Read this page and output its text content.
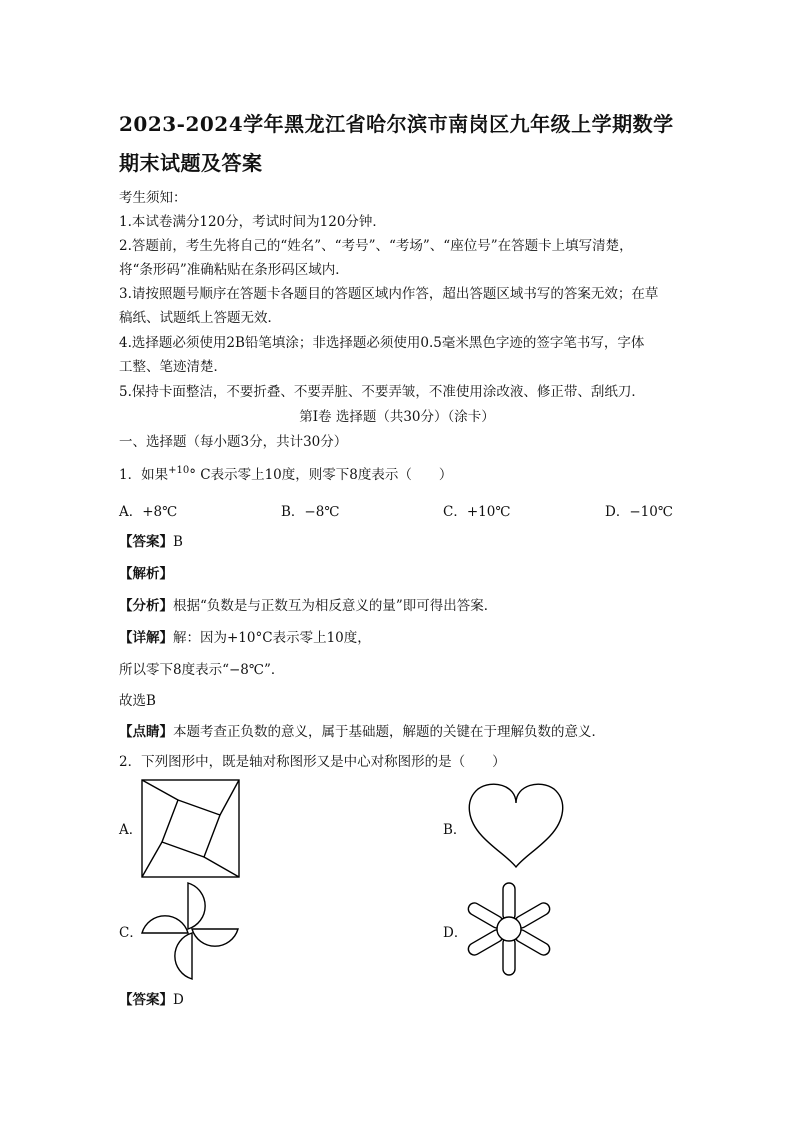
2023-2024学年黑龙江省哈尔滨市南岗区九年级上学期数学
期末试题及答案
考生须知：
1.本试卷满分120分，考试时间为120分钟．
2.答题前，考生先将自己的“姓名”、“考号”、“考场”、“座位号”在答题卡上填写清楚，
将“条形码”准确粘贴在条形码区域内．
3.请按照题号顺序在答题卡各题目的答题区域内作答，超出答题区域书写的答案无效；在草
稿纸、试题纸上答题无效．
4.选择题必须使用2B铅笔填涂；非选择题必须使用0.5毫米黑色字迹的签字笔书写，字体
工整、笔迹清楚．
5.保持卡面整洁，不要折叠、不要弄脏、不要弄皱，不准使用涂改液、修正带、刮纸刀．
第Ⅰ卷 选择题（共30分）（涂卡）
一、选择题（每小题3分，共计30分）
1．如果$^{+10}$° C表示零上10度，则零下8度表示（　　）
A．+8℃	B．−8℃	C．+10℃	D．−10℃
【答案】B
【解析】
【分析】根据“负数是与正数互为相反意义的量”即可得出答案．
【详解】解：因为+10°C表示零上10度，
所以零下8度表示“−8℃”．
故选B
【点睛】本题考查正负数的意义，属于基础题，解题的关键在于理解负数的意义．
2．下列图形中，既是轴对称图形又是中心对称图形的是（　　）
A．	B．
C．	D．
【答案】D
